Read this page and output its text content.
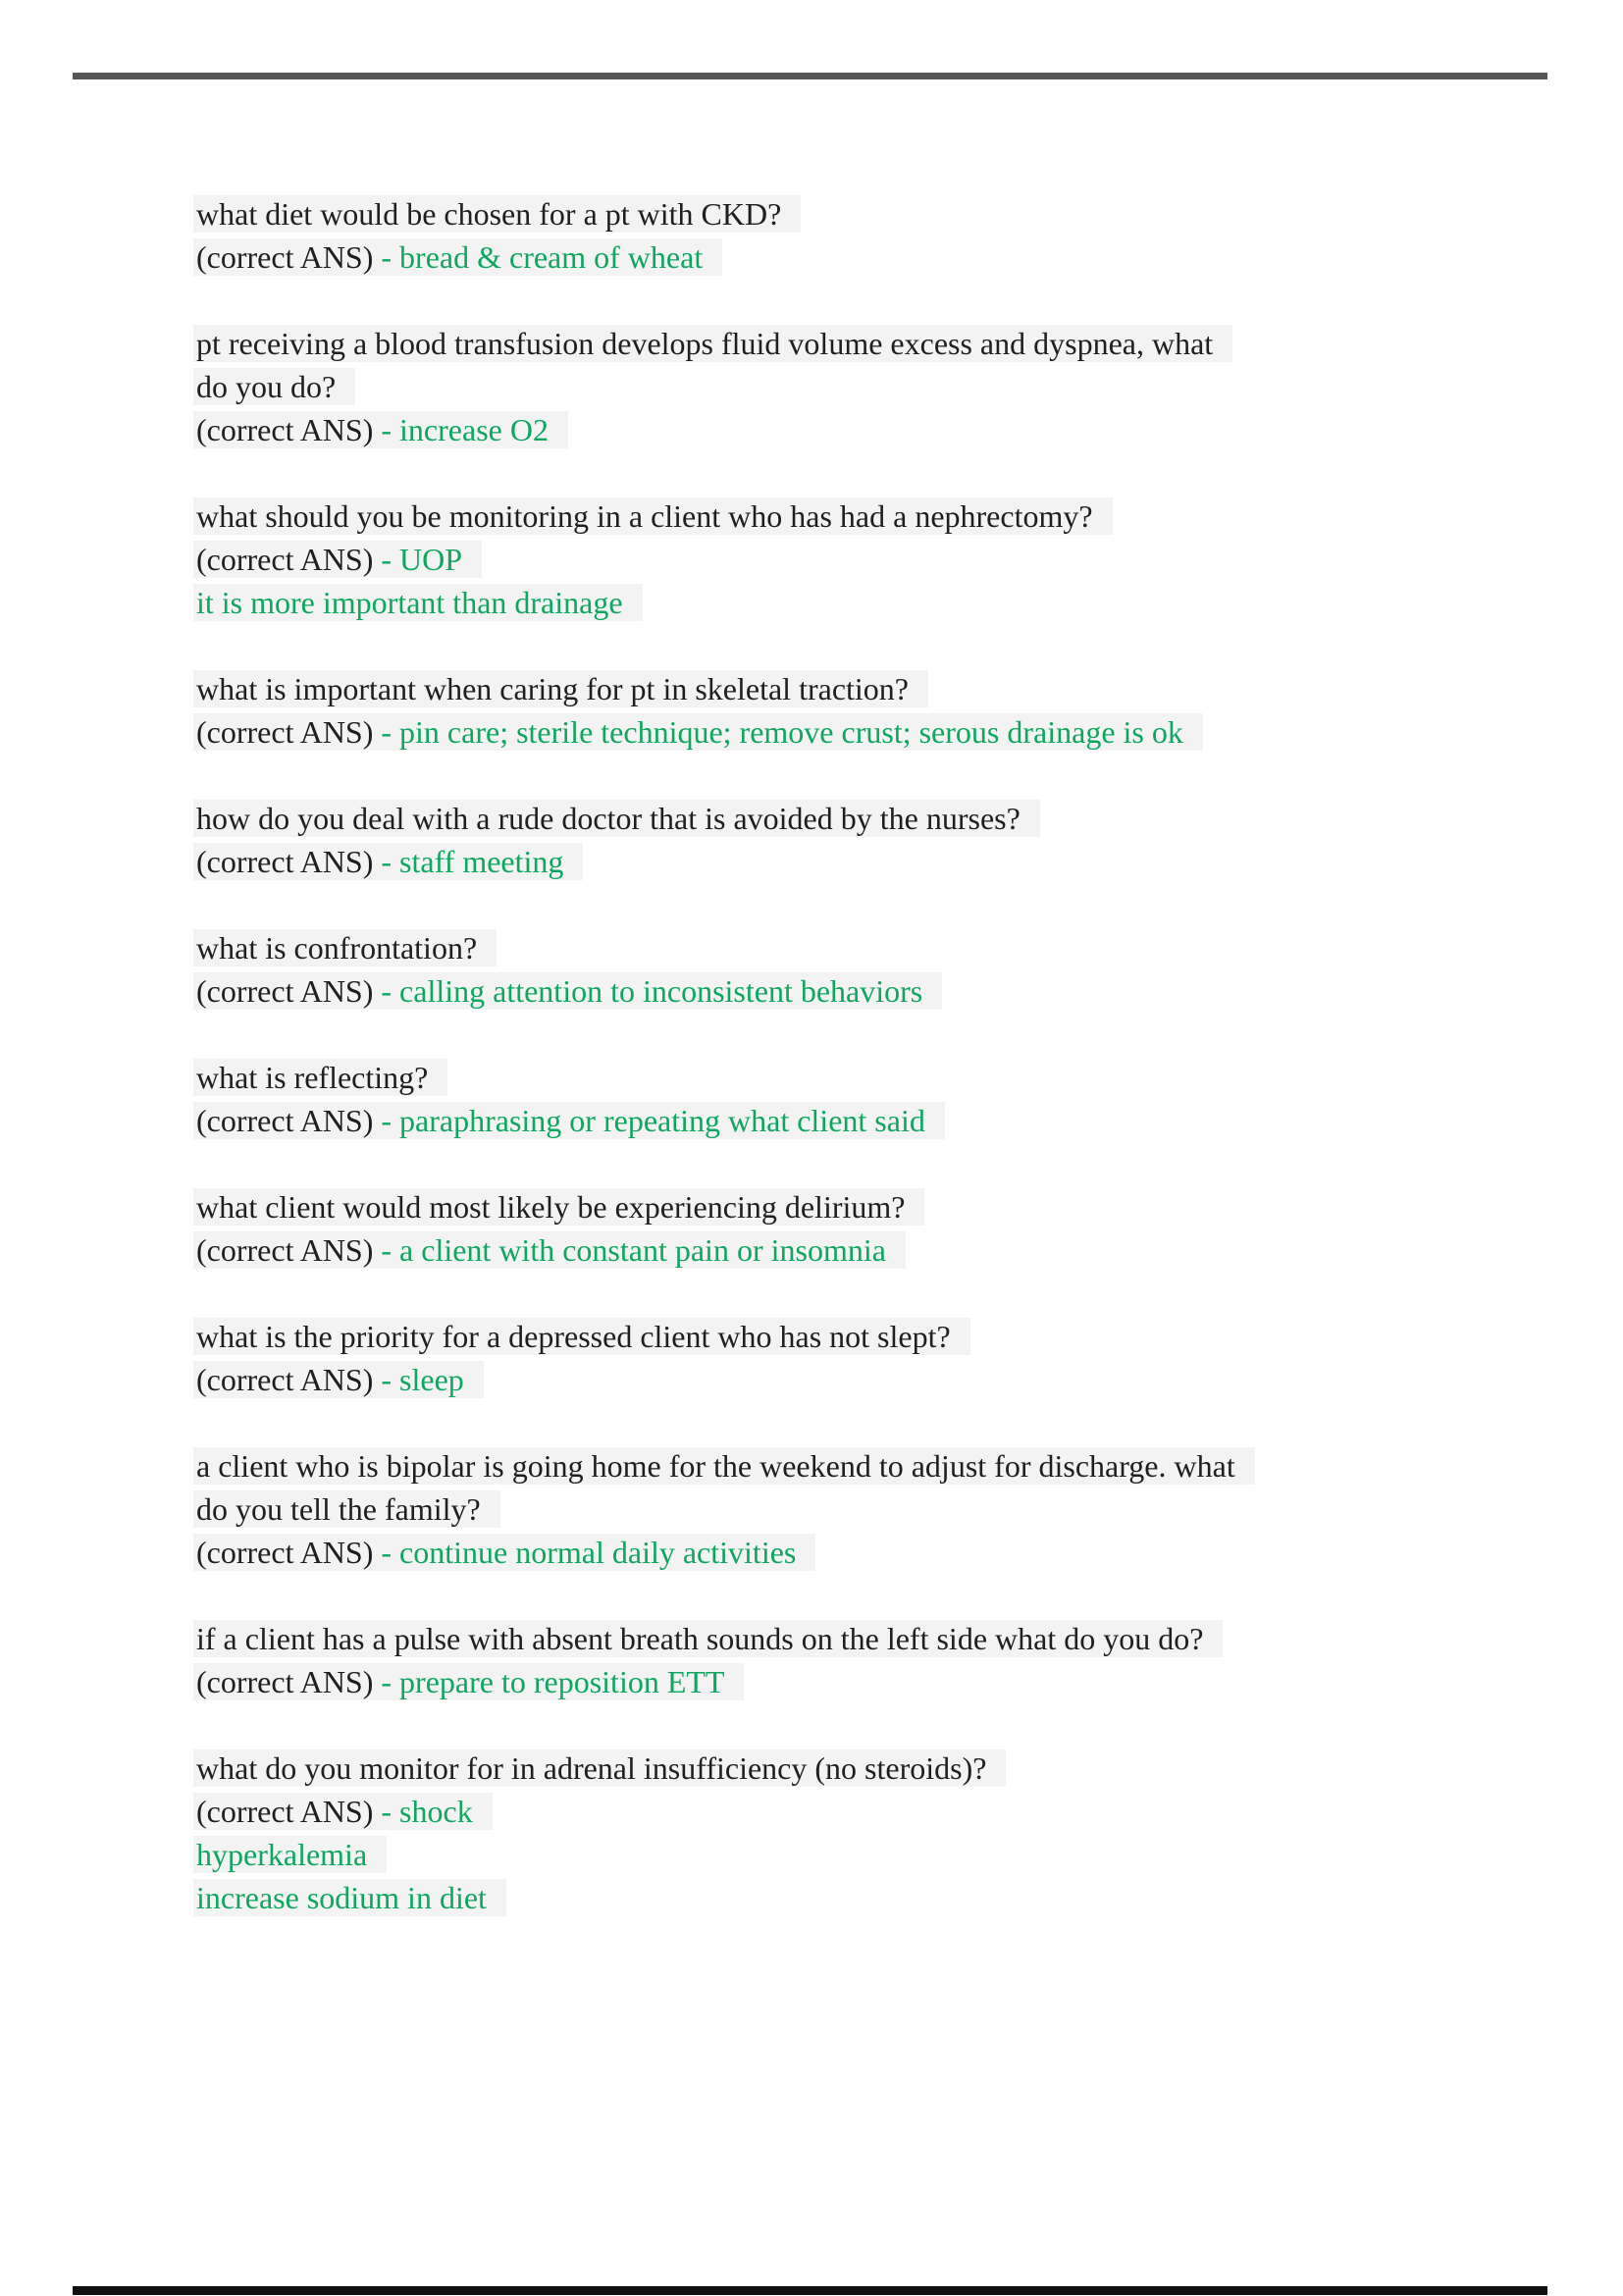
what diet would be chosen for a pt with CKD?
(correct ANS) - bread & cream of wheat
pt receiving a blood transfusion develops fluid volume excess and dyspnea, what
do you do?
(correct ANS) - increase O2
what should you be monitoring in a client who has had a nephrectomy?
(correct ANS) - UOP
it is more important than drainage
what is important when caring for pt in skeletal traction?
(correct ANS) - pin care; sterile technique; remove crust; serous drainage is ok
how do you deal with a rude doctor that is avoided by the nurses?
(correct ANS) - staff meeting
what is confrontation?
(correct ANS) - calling attention to inconsistent behaviors
what is reflecting?
(correct ANS) - paraphrasing or repeating what client said
what client would most likely be experiencing delirium?
(correct ANS) - a client with constant pain or insomnia
what is the priority for a depressed client who has not slept?
(correct ANS) - sleep
a client who is bipolar is going home for the weekend to adjust for discharge. what
do you tell the family?
(correct ANS) - continue normal daily activities
if a client has a pulse with absent breath sounds on the left side what do you do?
(correct ANS) - prepare to reposition ETT
what do you monitor for in adrenal insufficiency (no steroids)?
(correct ANS) - shock
hyperkalemia
increase sodium in diet
